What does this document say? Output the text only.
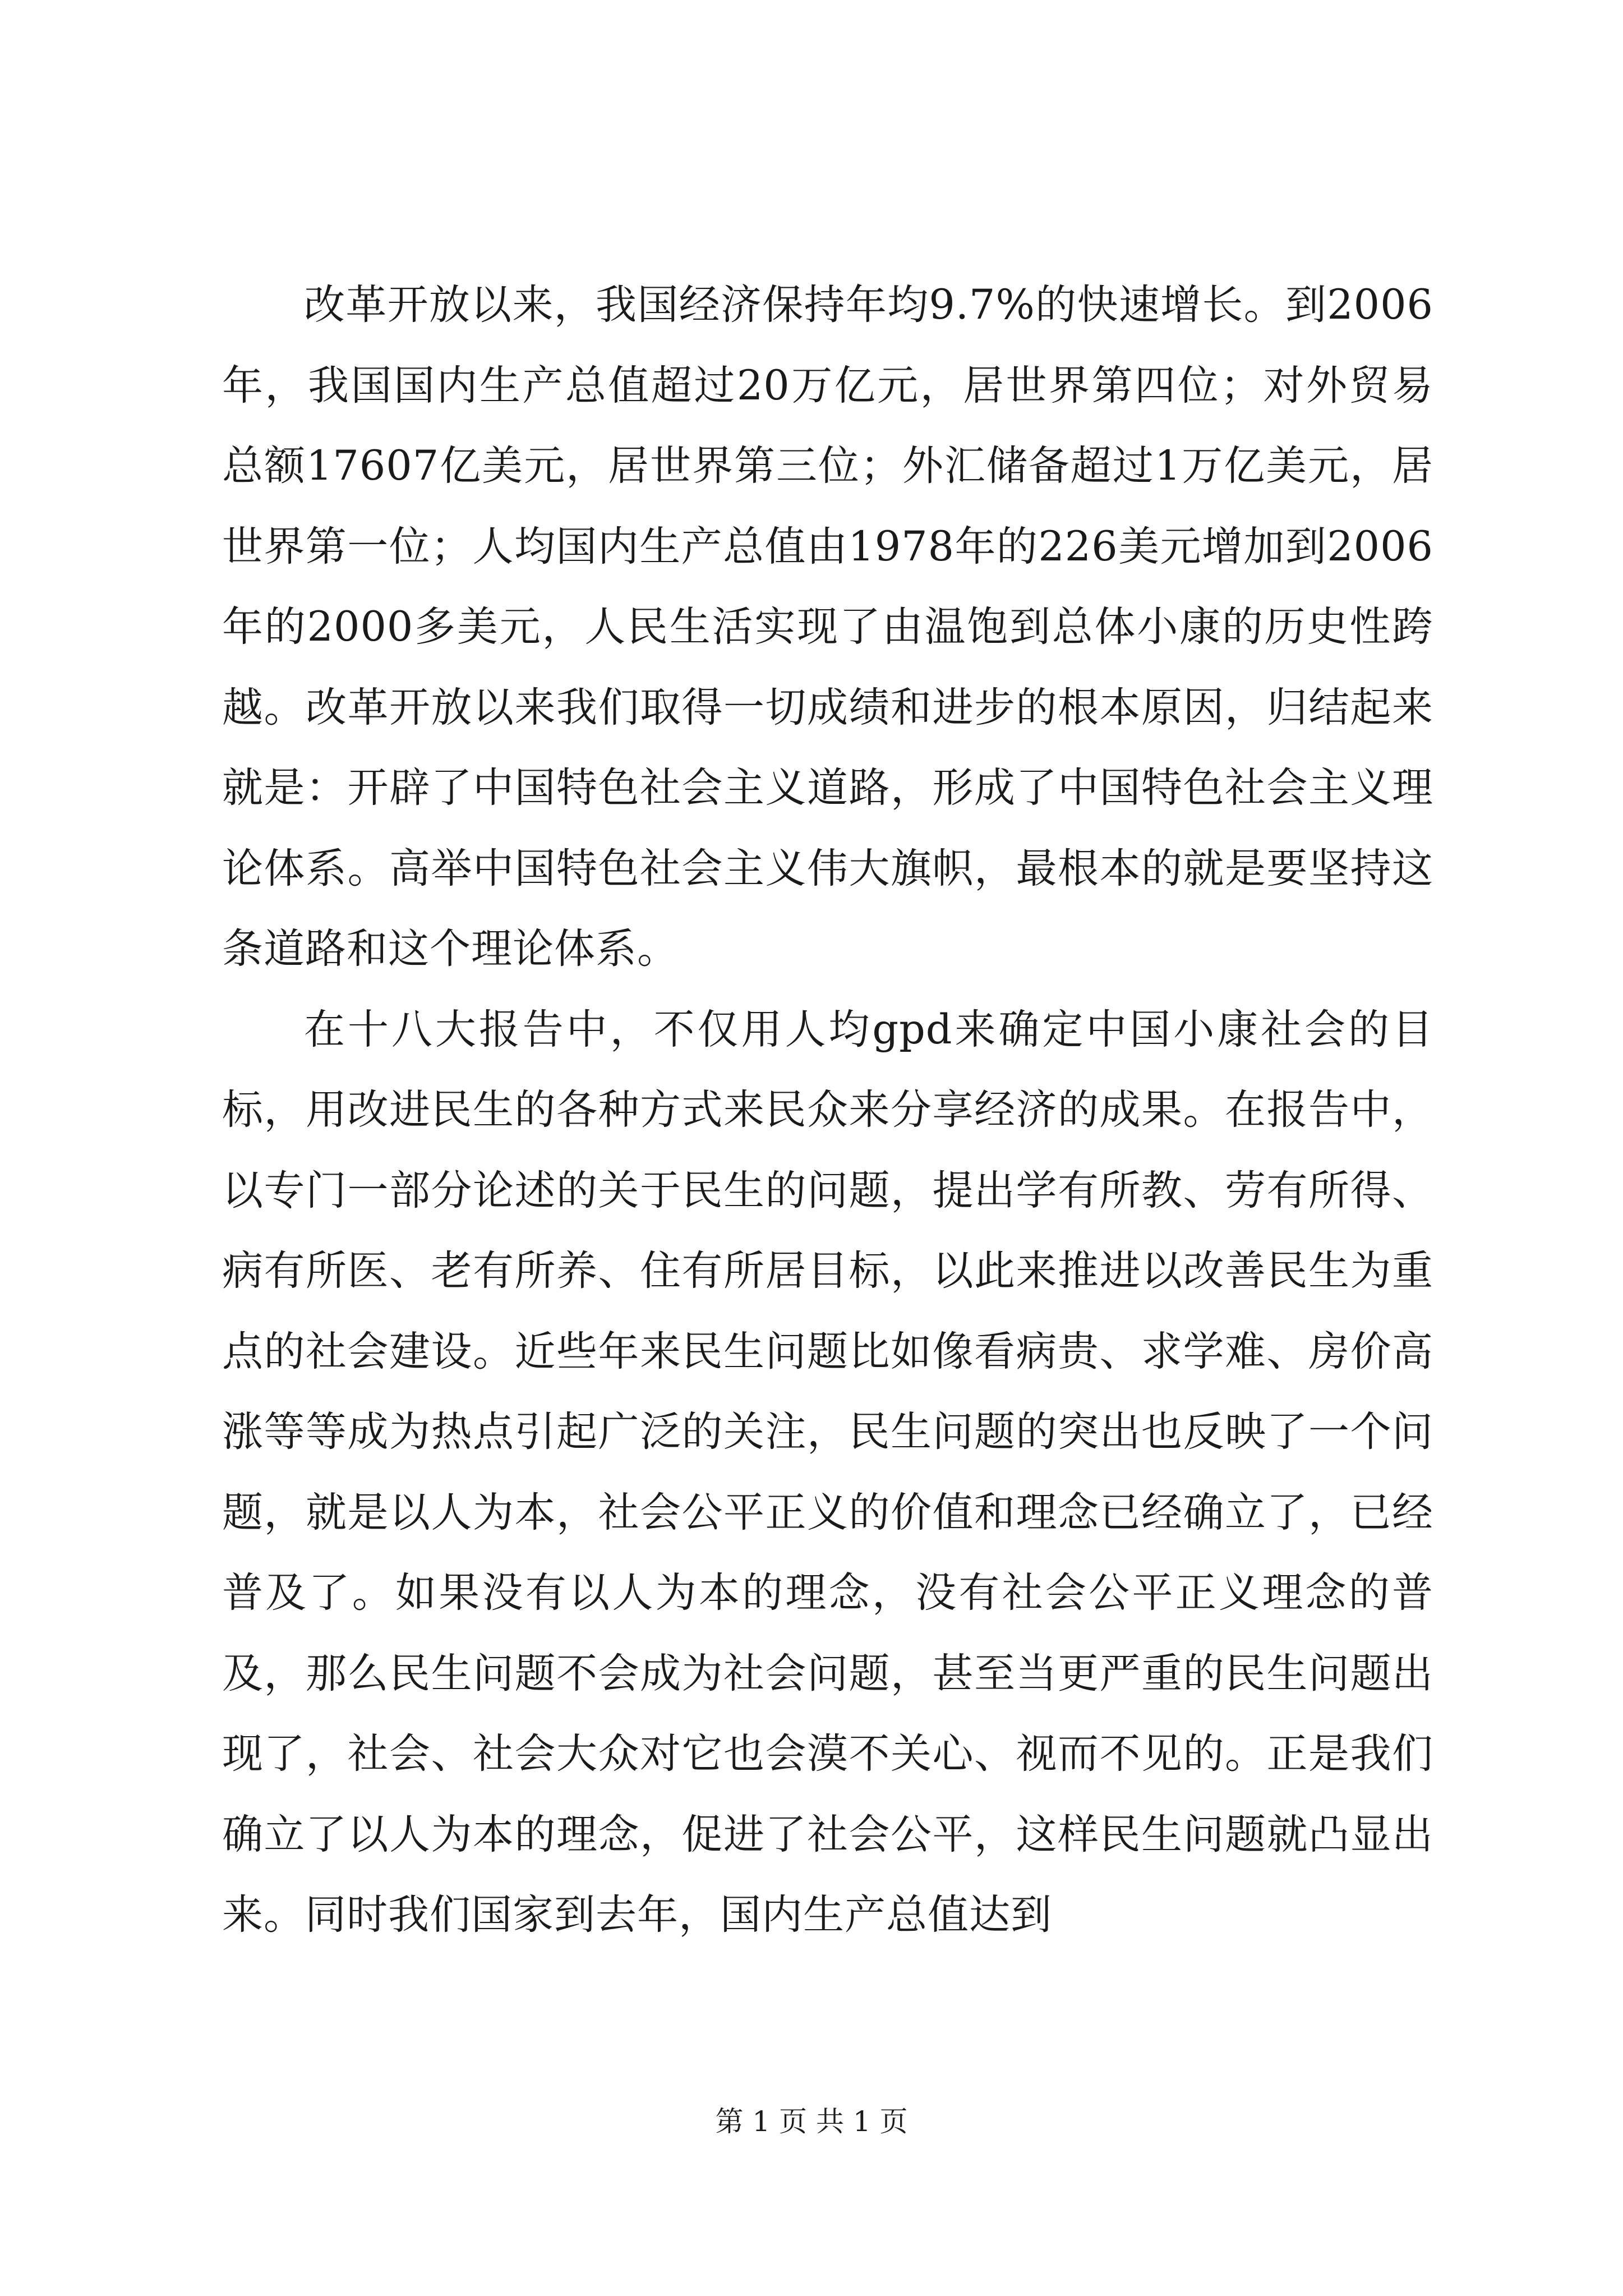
改革开放以来，我国经济保持年均9.7%的快速增长。到2006年，我国国内生产总值超过20万亿元，居世界第四位；对外贸易总额17607亿美元，居世界第三位；外汇储备超过1万亿美元，居世界第一位；人均国内生产总值由1978年的226美元增加到2006年的2000多美元，人民生活实现了由温饱到总体小康的历史性跨越。改革开放以来我们取得一切成绩和进步的根本原因，归结起来就是：开辟了中国特色社会主义道路，形成了中国特色社会主义理论体系。高举中国特色社会主义伟大旗帜，最根本的就是要坚持这条道路和这个理论体系。

在十八大报告中，不仅用人均gpd来确定中国小康社会的目标，用改进民生的各种方式来民众来分享经济的成果。在报告中，以专门一部分论述的关于民生的问题，提出学有所教、劳有所得、病有所医、老有所养、住有所居目标，以此来推进以改善民生为重点的社会建设。近些年来民生问题比如像看病贵、求学难、房价高涨等等成为热点引起广泛的关注，民生问题的突出也反映了一个问题，就是以人为本，社会公平正义的价值和理念已经确立了，已经普及了。如果没有以人为本的理念，没有社会公平正义理念的普及，那么民生问题不会成为社会问题，甚至当更严重的民生问题出现了，社会、社会大众对它也会漠不关心、视而不见的。正是我们确立了以人为本的理念，促进了社会公平，这样民生问题就凸显出来。同时我们国家到去年，国内生产总值达到

第 1 页 共 1 页
